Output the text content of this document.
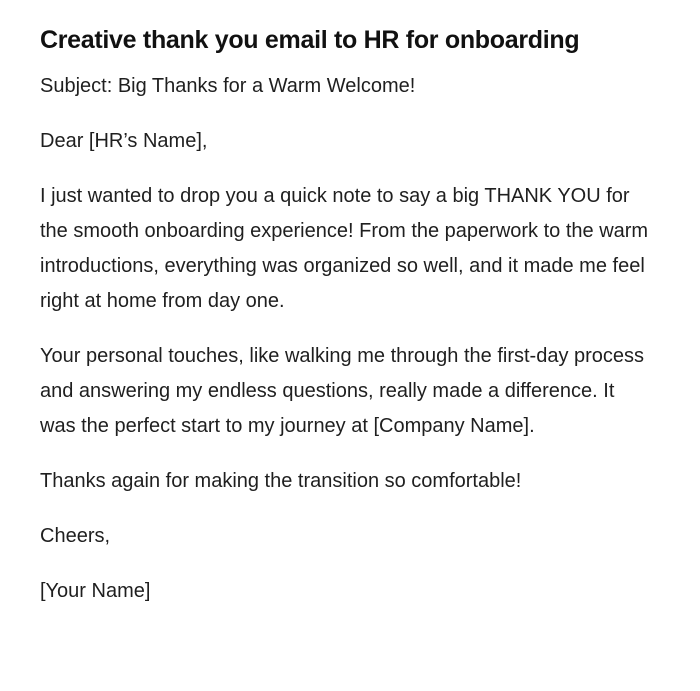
Creative thank you email to HR for onboarding

Subject: Big Thanks for a Warm Welcome!

Dear [HR’s Name],

I just wanted to drop you a quick note to say a big THANK YOU for the smooth onboarding experience! From the paperwork to the warm introductions, everything was organized so well, and it made me feel right at home from day one.

Your personal touches, like walking me through the first-day process and answering my endless questions, really made a difference. It was the perfect start to my journey at [Company Name].

Thanks again for making the transition so comfortable!

Cheers,

[Your Name]
